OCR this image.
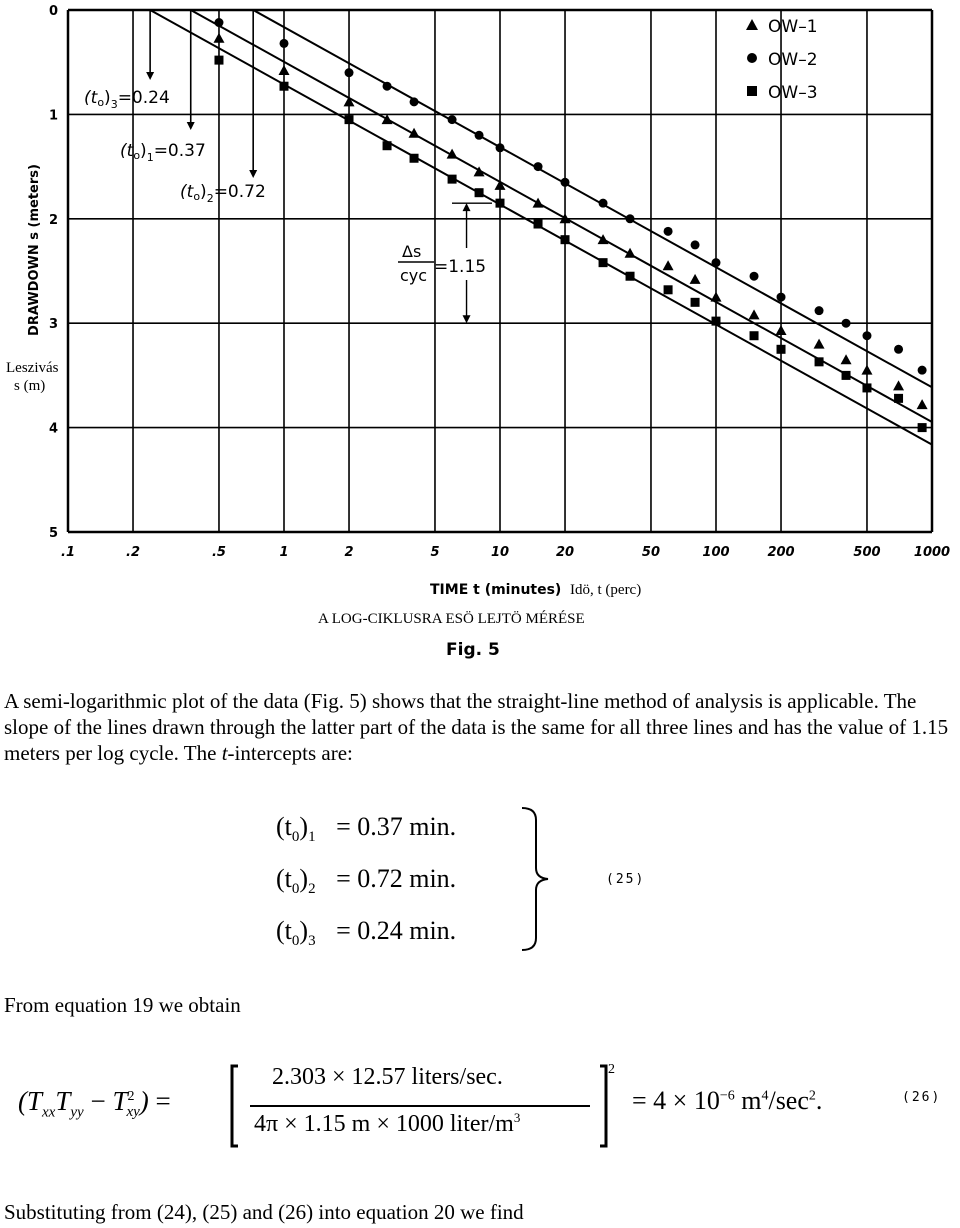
.1	.2	.5	1	2	5	10	20	50	100	200	500	1000
0
1
2
3
4
5
$(to)_3=0.24$
$(to)_1=0.37$
$(to)_2=0.72$
Δs
cyc =1.15
OW–1
OW–2
OW–3
DRAWDOWN s (meters)
Leszivás
s (m)
TIME t (minutes) Idö, t (perc)
A LOG-CIKLUSRA ESÖ LEJTÖ MÉRÉSE
Fig. 5

A semi-logarithmic plot of the data (Fig. 5) shows that the straight-line method of analysis is applicable. The slope of the lines drawn through the latter part of the data is the same for all three lines and has the value of 1.15 meters per log cycle. The t-intercepts are:

$(t_0)_1 = 0.37$ min.
$(t_0)_2 = 0.72$ min.
$(t_0)_3 = 0.24$ min.
(25)

From equation 19 we obtain

$(T_{xx}T_{yy} - T^2_{xy})$ =
2.303 × 12.57 liters/sec.
4π × 1.15 m × 1000 liter/$m^3$
2
= $4 \times 10^{-6}$ $m^4/\sec^2$.	(26)

Substituting from (24), (25) and (26) into equation 20 we find
